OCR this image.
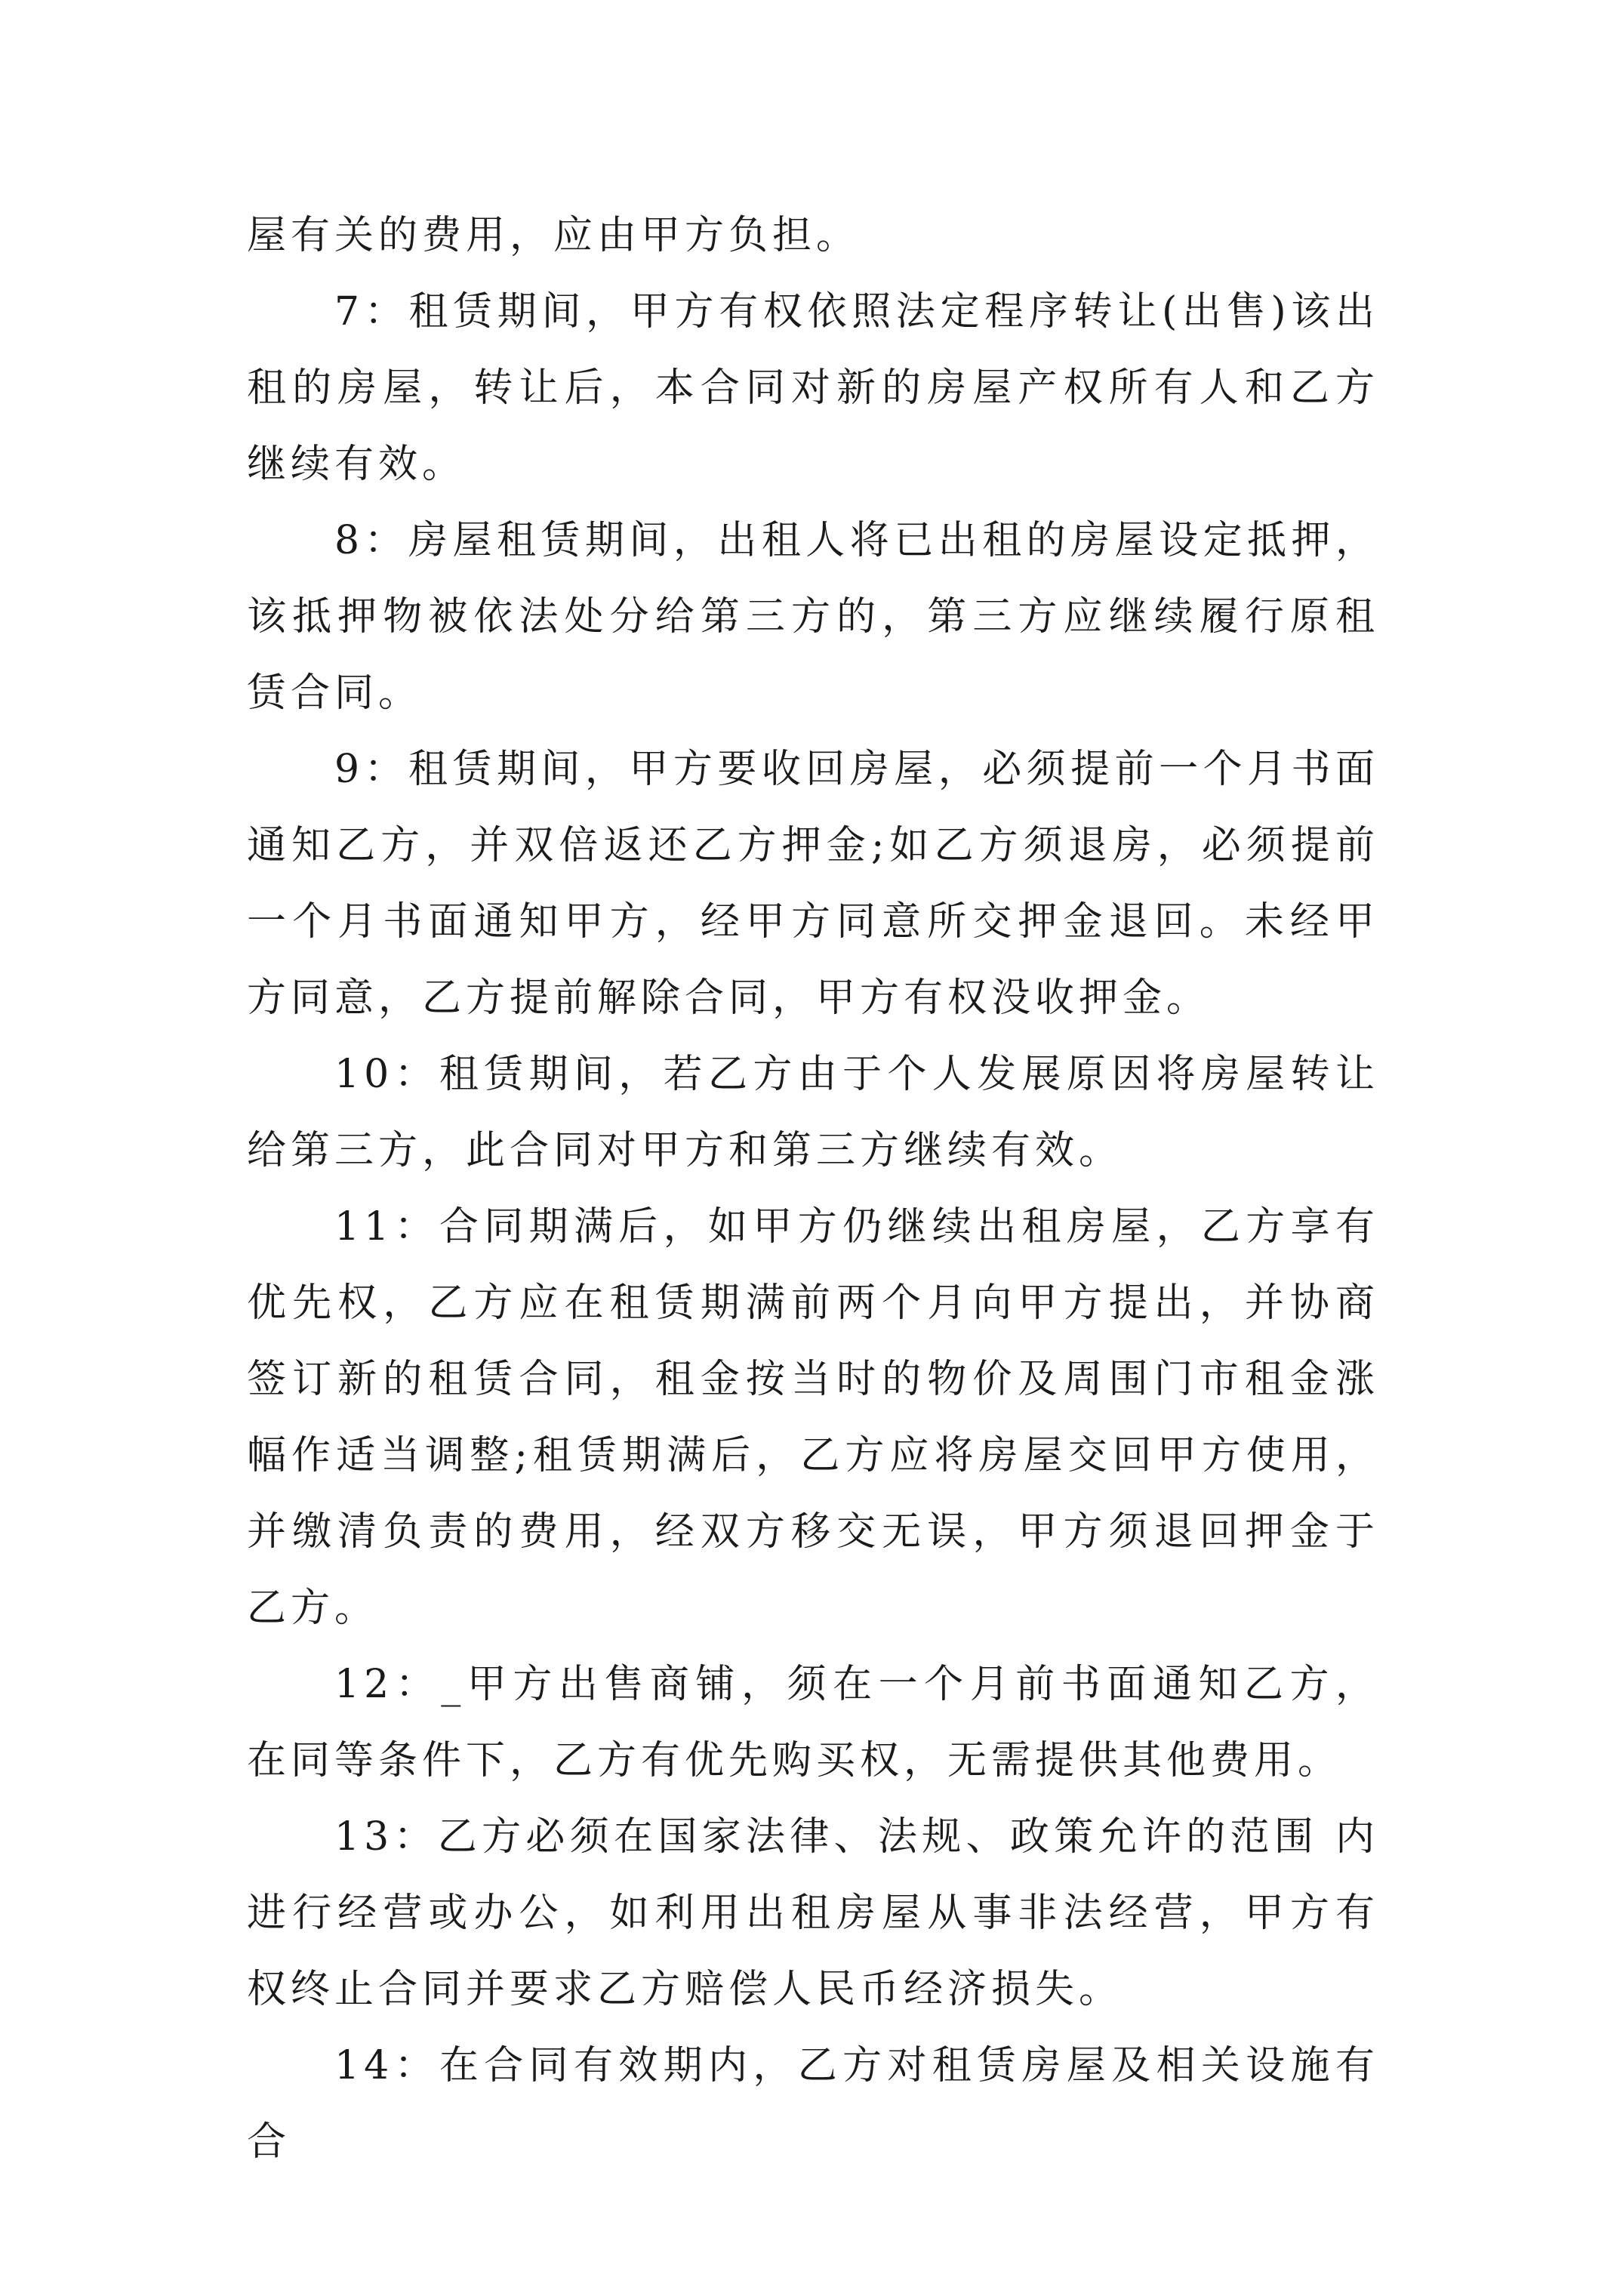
屋有关的费用，应由甲方负担。

7：租赁期间，甲方有权依照法定程序转让(出售)该出租的房屋，转让后，本合同对新的房屋产权所有人和乙方继续有效。

8：房屋租赁期间，出租人将已出租的房屋设定抵押，该抵押物被依法处分给第三方的，第三方应继续履行原租赁合同。

9：租赁期间，甲方要收回房屋，必须提前一个月书面通知乙方，并双倍返还乙方押金;如乙方须退房，必须提前一个月书面通知甲方，经甲方同意所交押金退回。未经甲方同意，乙方提前解除合同，甲方有权没收押金。

10：租赁期间，若乙方由于个人发展原因将房屋转让给第三方，此合同对甲方和第三方继续有效。

11：合同期满后，如甲方仍继续出租房屋，乙方享有优先权，乙方应在租赁期满前两个月向甲方提出，并协商签订新的租赁合同，租金按当时的物价及周围门市租金涨幅作适当调整;租赁期满后，乙方应将房屋交回甲方使用，并缴清负责的费用，经双方移交无误，甲方须退回押金于乙方。

12：_甲方出售商铺，须在一个月前书面通知乙方，在同等条件下，乙方有优先购买权，无需提供其他费用。

13：乙方必须在国家法律、法规、政策允许的范围 内进行经营或办公，如利用出租房屋从事非法经营，甲方有权终止合同并要求乙方赔偿人民币经济损失。

14：在合同有效期内，乙方对租赁房屋及相关设施有合
